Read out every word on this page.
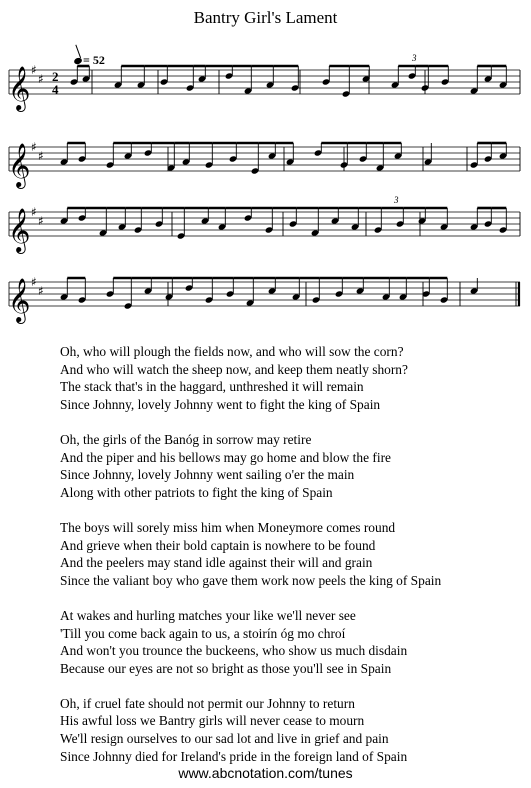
Bantry Girl's Lament
= 52
𝄞 ♯
♯ 2
4
3
𝄞 ♯
♯
𝄞 ♯
♯
3
𝄞 ♯
♯
Oh, who will plough the fields now, and who will sow the corn?
And who will watch the sheep now, and keep them neatly shorn?
The stack that's in the haggard, unthreshed it will remain
Since Johnny, lovely Johnny went to fight the king of Spain
Oh, the girls of the Banóg in sorrow may retire
And the piper and his bellows may go home and blow the fire
Since Johnny, lovely Johnny went sailing o'er the main
Along with other patriots to fight the king of Spain
The boys will sorely miss him when Moneymore comes round
And grieve when their bold captain is nowhere to be found
And the peelers may stand idle against their will and grain
Since the valiant boy who gave them work now peels the king of Spain
At wakes and hurling matches your like we'll never see
'Till you come back again to us, a stoirín óg mo chroí
And won't you trounce the buckeens, who show us much disdain
Because our eyes are not so bright as those you'll see in Spain
Oh, if cruel fate should not permit our Johnny to return
His awful loss we Bantry girls will never cease to mourn
We'll resign ourselves to our sad lot and live in grief and pain
Since Johnny died for Ireland's pride in the foreign land of Spain
www.abcnotation.com/tunes
